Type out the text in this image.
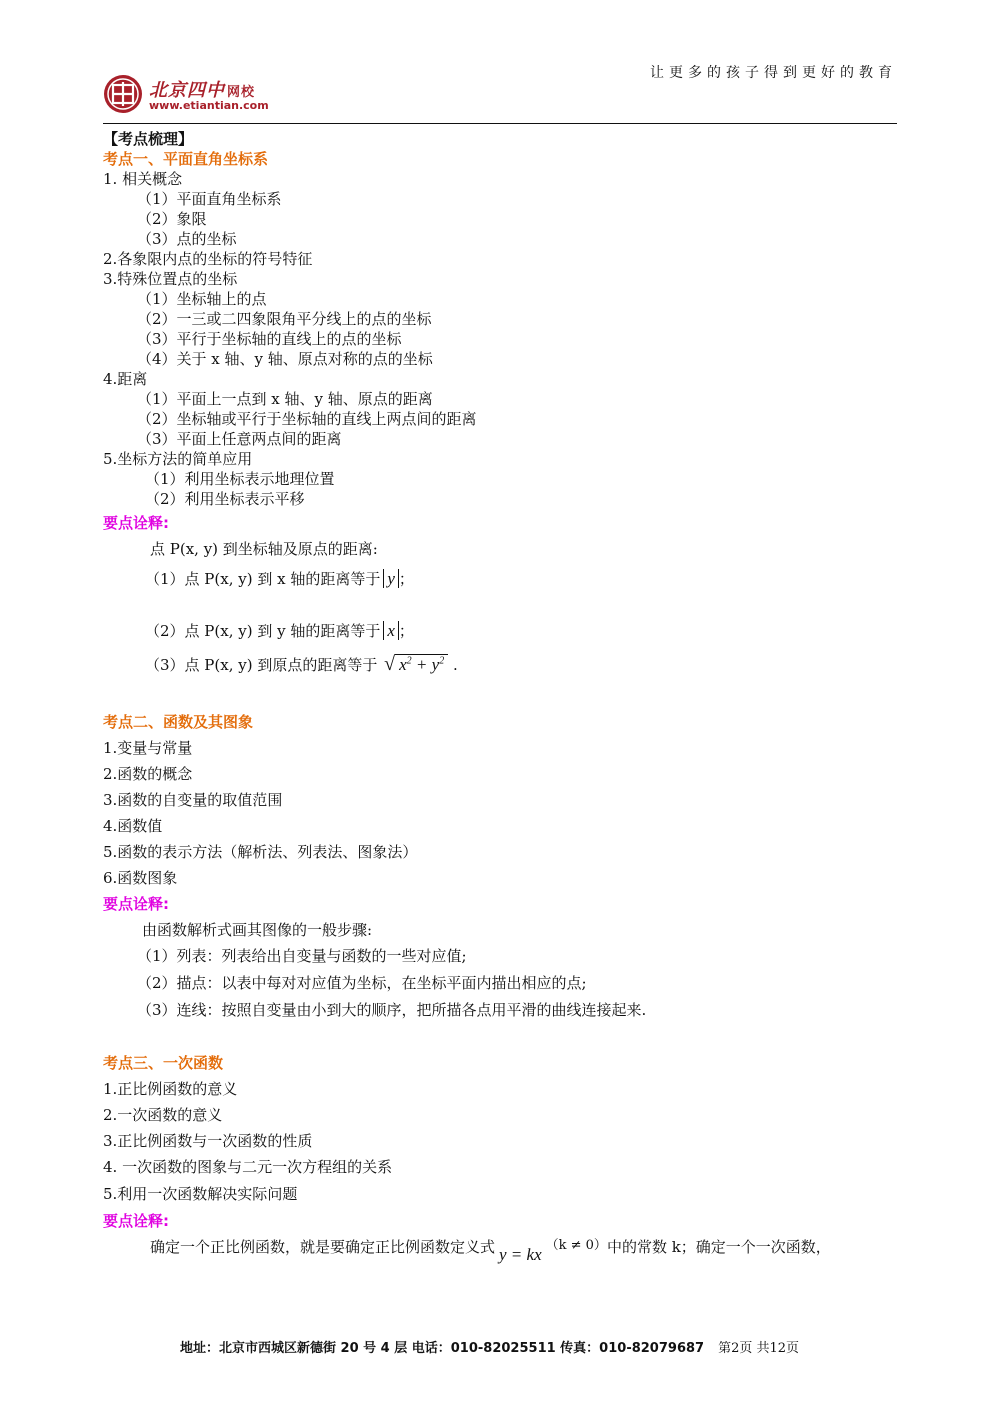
让更多的孩子得到更好的教育
北京四中 网校
www.etiantian.com
【考点梳理】
考点一、平面直角坐标系
1. 相关概念
（1）平面直角坐标系
（2）象限
（3）点的坐标
2.各象限内点的坐标的符号特征
3.特殊位置点的坐标
（1）坐标轴上的点
（2）一三或二四象限角平分线上的点的坐标
（3）平行于坐标轴的直线上的点的坐标
（4）关于 x 轴、y 轴、原点对称的点的坐标
4.距离
（1）平面上一点到 x 轴、y 轴、原点的距离
（2）坐标轴或平行于坐标轴的直线上两点间的距离
（3）平面上任意两点间的距离
5.坐标方法的简单应用
（1）利用坐标表示地理位置
（2）利用坐标表示平移
要点诠释:
点 P(x, y) 到坐标轴及原点的距离:
（1）点 P(x, y) 到 x 轴的距离等于 y ；
（2）点 P(x, y) 到 y 轴的距离等于 x ；
（3）点 P(x, y) 到原点的距离等于 √ $x^2 + y^2$ .
考点二、函数及其图象
1.变量与常量
2.函数的概念
3.函数的自变量的取值范围
4.函数值
5.函数的表示方法（解析法、列表法、图象法）
6.函数图象
要点诠释:
由函数解析式画其图像的一般步骤:
（1）列表：列表给出自变量与函数的一些对应值;
（2）描点：以表中每对对应值为坐标，在坐标平面内描出相应的点;
（3）连线：按照自变量由小到大的顺序，把所描各点用平滑的曲线连接起来.
考点三、一次函数
1.正比例函数的意义
2.一次函数的意义
3.正比例函数与一次函数的性质
4. 一次函数的图象与二元一次方程组的关系
5.利用一次函数解决实际问题
要点诠释:
确定一个正比例函数，就是要确定正比例函数定义式 y = kx （k ≠ 0）中的常数 k；确定一个一次函数，
地址：北京市西城区新德街 20 号 4 层 电话：010-82025511 传真：010-82079687 第2页 共12页
